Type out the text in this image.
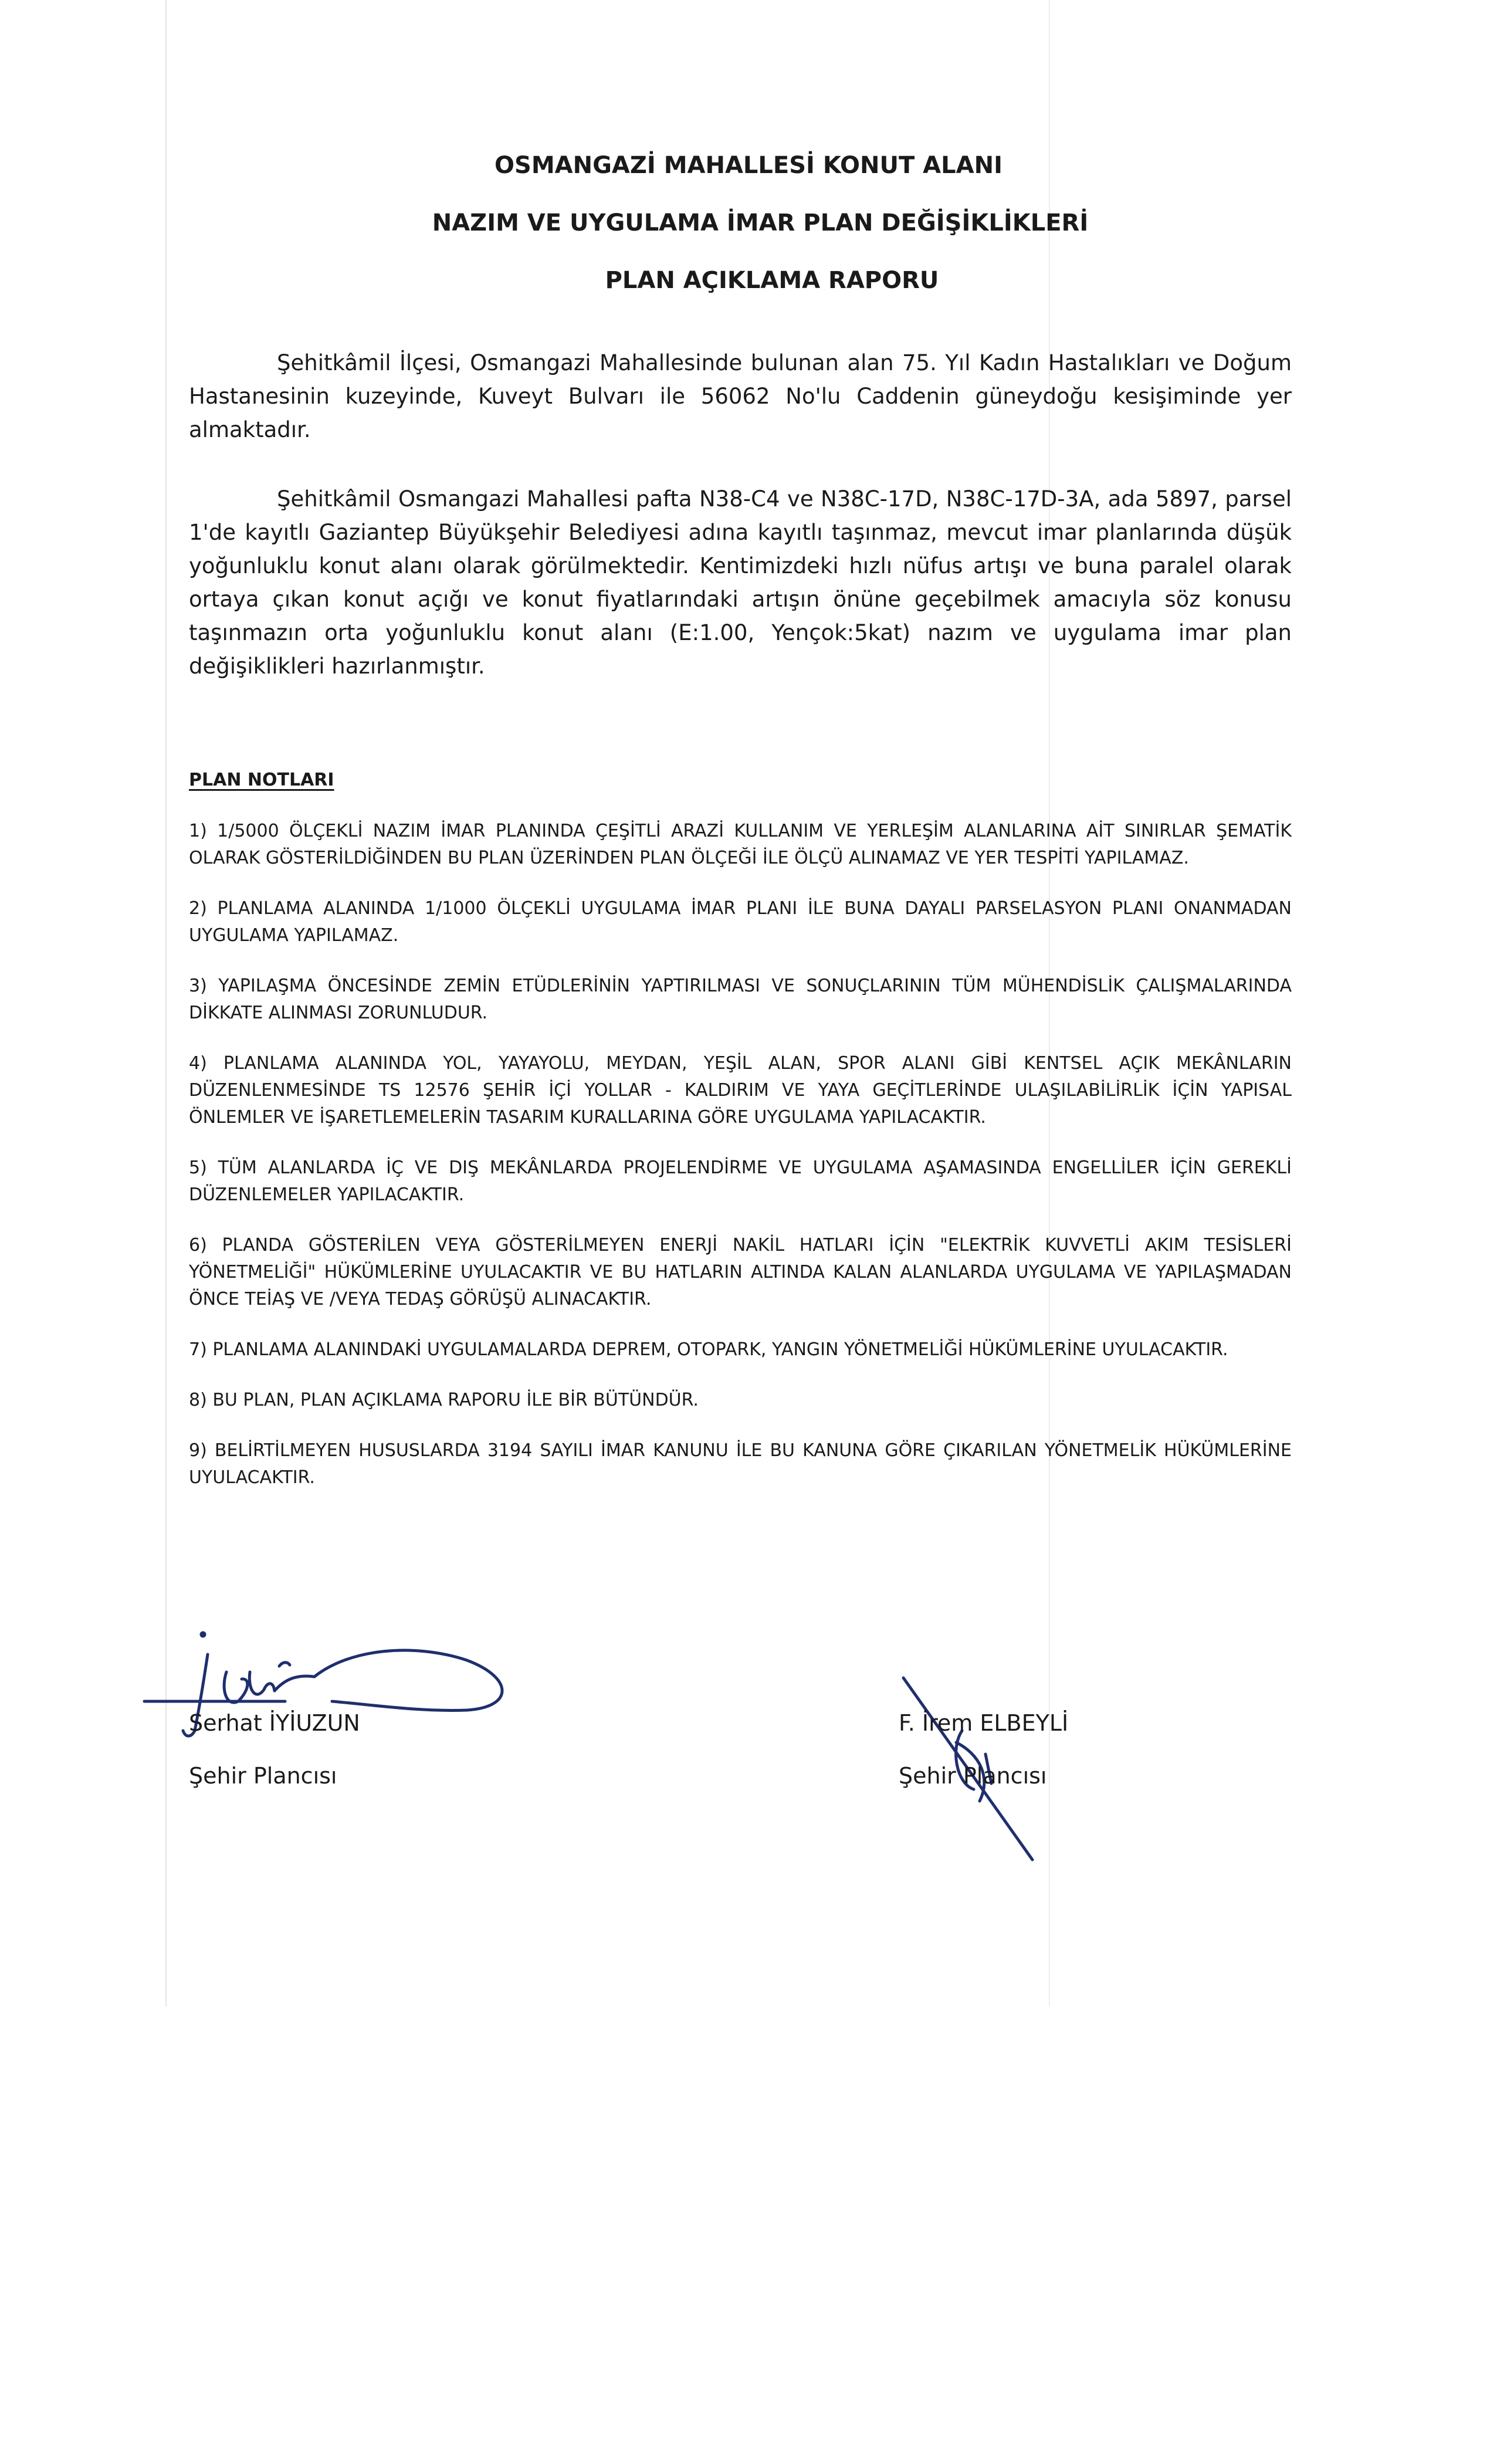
OSMANGAZİ MAHALLESİ KONUT ALANI
NAZIM VE UYGULAMA İMAR PLAN DEĞİŞİKLİKLERİ
PLAN AÇIKLAMA RAPORU

Şehitkâmil İlçesi, Osmangazi Mahallesinde bulunan alan 75. Yıl Kadın Hastalıkları ve Doğum Hastanesinin kuzeyinde, Kuveyt Bulvarı ile 56062 No'lu Caddenin güneydoğu kesişiminde yer almaktadır.

Şehitkâmil Osmangazi Mahallesi pafta N38-C4 ve N38C-17D, N38C-17D-3A, ada 5897, parsel 1'de kayıtlı Gaziantep Büyükşehir Belediyesi adına kayıtlı taşınmaz, mevcut imar planlarında düşük yoğunluklu konut alanı olarak görülmektedir. Kentimizdeki hızlı nüfus artışı ve buna paralel olarak ortaya çıkan konut açığı ve konut fiyatlarındaki artışın önüne geçebilmek amacıyla söz konusu taşınmazın orta yoğunluklu konut alanı (E:1.00, Yençok:5kat) nazım ve uygulama imar plan değişiklikleri hazırlanmıştır.

PLAN NOTLARI

1) 1/5000 ÖLÇEKLİ NAZIM İMAR PLANINDA ÇEŞİTLİ ARAZİ KULLANIM VE YERLEŞİM ALANLARINA AİT SINIRLAR ŞEMATİK OLARAK GÖSTERİLDİĞİNDEN BU PLAN ÜZERİNDEN PLAN ÖLÇEĞİ İLE ÖLÇÜ ALINAMAZ VE YER TESPİTİ YAPILAMAZ.

2) PLANLAMA ALANINDA 1/1000 ÖLÇEKLİ UYGULAMA İMAR PLANI İLE BUNA DAYALI PARSELASYON PLANI ONANMADAN UYGULAMA YAPILAMAZ.

3) YAPILAŞMA ÖNCESİNDE ZEMİN ETÜDLERİNİN YAPTIRILMASI VE SONUÇLARININ TÜM MÜHENDİSLİK ÇALIŞMALARINDA DİKKATE ALINMASI ZORUNLUDUR.

4) PLANLAMA ALANINDA YOL, YAYAYOLU, MEYDAN, YEŞİL ALAN, SPOR ALANI GİBİ KENTSEL AÇIK MEKÂNLARIN DÜZENLENMESİNDE TS 12576 ŞEHİR İÇİ YOLLAR - KALDIRIM VE YAYA GEÇİTLERİNDE ULAŞILABİLİRLİK İÇİN YAPISAL ÖNLEMLER VE İŞARETLEMELERİN TASARIM KURALLARINA GÖRE UYGULAMA YAPILACAKTIR.

5) TÜM ALANLARDA İÇ VE DIŞ MEKÂNLARDA PROJELENDİRME VE UYGULAMA AŞAMASINDA ENGELLİLER İÇİN GEREKLİ DÜZENLEMELER YAPILACAKTIR.

6) PLANDA GÖSTERİLEN VEYA GÖSTERİLMEYEN ENERJİ NAKİL HATLARI İÇİN "ELEKTRİK KUVVETLİ AKIM TESİSLERİ YÖNETMELİĞİ" HÜKÜMLERİNE UYULACAKTIR VE BU HATLARIN ALTINDA KALAN ALANLARDA UYGULAMA VE YAPILAŞMADAN ÖNCE TEİAŞ VE /VEYA TEDAŞ GÖRÜŞÜ ALINACAKTIR.

7) PLANLAMA ALANINDAKİ UYGULAMALARDA DEPREM, OTOPARK, YANGIN YÖNETMELİĞİ HÜKÜMLERİNE UYULACAKTIR.

8) BU PLAN, PLAN AÇIKLAMA RAPORU İLE BİR BÜTÜNDÜR.

9) BELİRTİLMEYEN HUSUSLARDA 3194 SAYILI İMAR KANUNU İLE BU KANUNA GÖRE ÇIKARILAN YÖNETMELİK HÜKÜMLERİNE UYULACAKTIR.

Serhat İYİUZUN
Şehir Plancısı
F. İrem ELBEYLİ
Şehir Plancısı
